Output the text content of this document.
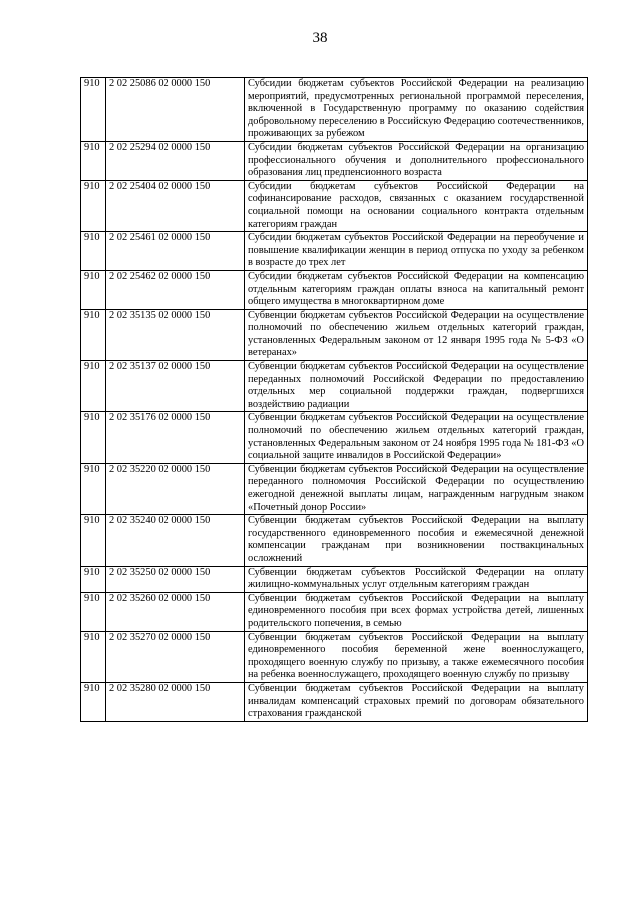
38
910	2 02 25086 02 0000 150	Субсидии бюджетам субъектов Российской Федерации на реализацию мероприятий, предусмотренных региональной программой переселения, включенной в Государственную программу по оказанию содействия добровольному переселению в Российскую Федерацию соотечественников, проживающих за рубежом
910	2 02 25294 02 0000 150	Субсидии бюджетам субъектов Российской Федерации на организацию профессионального обучения и дополнительного профессионального образования лиц предпенсионного возраста
910	2 02 25404 02 0000 150	Субсидии бюджетам субъектов Российской Федерации на софинансирование расходов, связанных с оказанием государственной социальной помощи на основании социального контракта отдельным категориям граждан
910	2 02 25461 02 0000 150	Субсидии бюджетам субъектов Российской Федерации на переобучение и повышение квалификации женщин в период отпуска по уходу за ребенком в возрасте до трех лет
910	2 02 25462 02 0000 150	Субсидии бюджетам субъектов Российской Федерации на компенсацию отдельным категориям граждан оплаты взноса на капитальный ремонт общего имущества в многоквартирном доме
910	2 02 35135 02 0000 150	Субвенции бюджетам субъектов Российской Федерации на осуществление полномочий по обеспечению жильем отдельных категорий граждан, установленных Федеральным законом от 12 января 1995 года № 5-ФЗ «О ветеранах»
910	2 02 35137 02 0000 150	Субвенции бюджетам субъектов Российской Федерации на осуществление переданных полномочий Российской Федерации по предоставлению отдельных мер социальной поддержки граждан, подвергшихся воздействию радиации
910	2 02 35176 02 0000 150	Субвенции бюджетам субъектов Российской Федерации на осуществление полномочий по обеспечению жильем отдельных категорий граждан, установленных Федеральным законом от 24 ноября 1995 года № 181-ФЗ «О социальной защите инвалидов в Российской Федерации»
910	2 02 35220 02 0000 150	Субвенции бюджетам субъектов Российской Федерации на осуществление переданного полномочия Российской Федерации по осуществлению ежегодной денежной выплаты лицам, награжденным нагрудным знаком «Почетный донор России»
910	2 02 35240 02 0000 150	Субвенции бюджетам субъектов Российской Федерации на выплату государственного единовременного пособия и ежемесячной денежной компенсации гражданам при возникновении поствакцинальных осложнений
910	2 02 35250 02 0000 150	Субвенции бюджетам субъектов Российской Федерации на оплату жилищно-коммунальных услуг отдельным категориям граждан
910	2 02 35260 02 0000 150	Субвенции бюджетам субъектов Российской Федерации на выплату единовременного пособия при всех формах устройства детей, лишенных родительского попечения, в семью
910	2 02 35270 02 0000 150	Субвенции бюджетам субъектов Российской Федерации на выплату единовременного пособия беременной жене военнослужащего, проходящего военную службу по призыву, а также ежемесячного пособия на ребенка военнослужащего, проходящего военную службу по призыву
910	2 02 35280 02 0000 150	Субвенции бюджетам субъектов Российской Федерации на выплату инвалидам компенсаций страховых премий по договорам обязательного страхования гражданской
